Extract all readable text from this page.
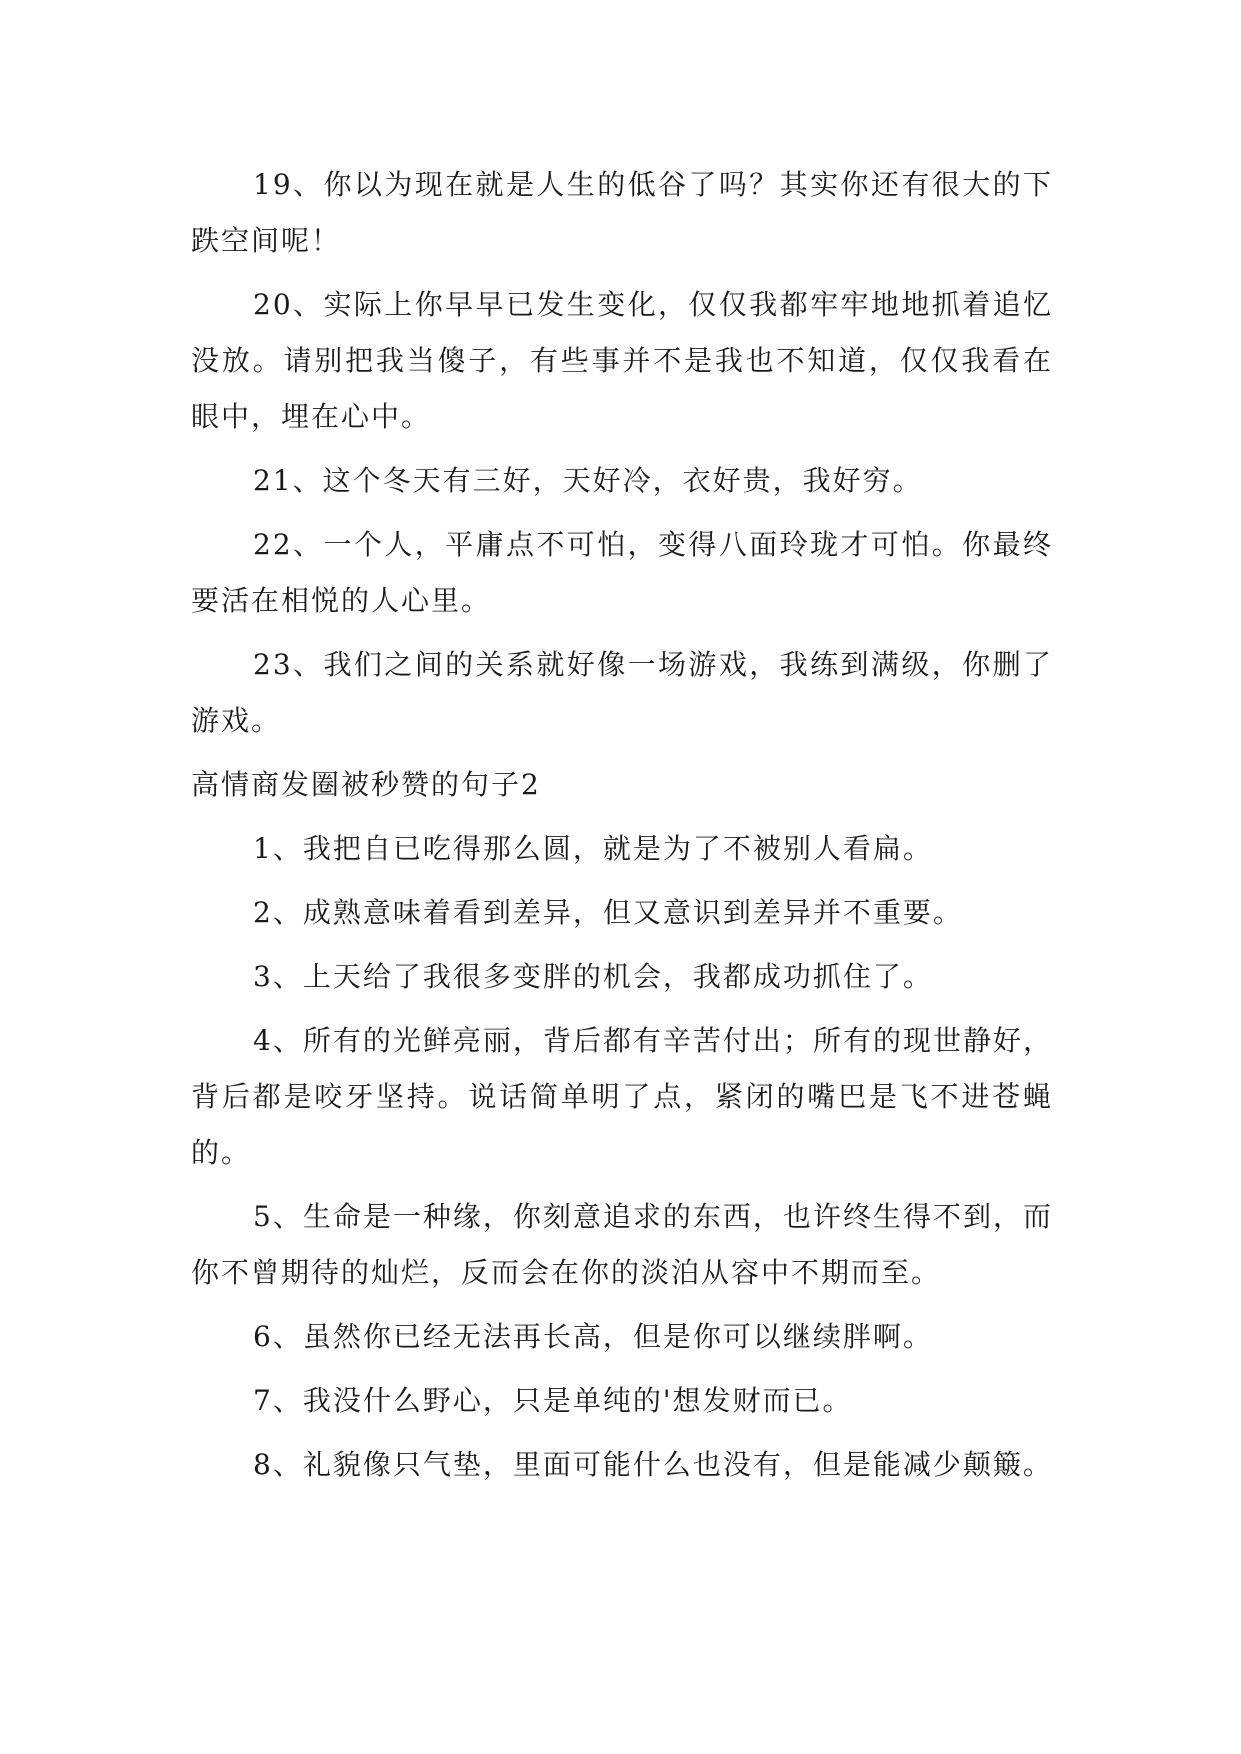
19、你以为现在就是人生的低谷了吗？其实你还有很大的下跌空间呢！

20、实际上你早早已发生变化，仅仅我都牢牢地地抓着追忆没放。请别把我当傻子，有些事并不是我也不知道，仅仅我看在眼中，埋在心中。

21、这个冬天有三好，天好冷，衣好贵，我好穷。

22、一个人，平庸点不可怕，变得八面玲珑才可怕。你最终要活在相悦的人心里。

23、我们之间的关系就好像一场游戏，我练到满级，你删了游戏。

高情商发圈被秒赞的句子2

1、我把自已吃得那么圆，就是为了不被别人看扁。

2、成熟意味着看到差异，但又意识到差异并不重要。

3、上天给了我很多变胖的机会，我都成功抓住了。

4、所有的光鲜亮丽，背后都有辛苦付出；所有的现世静好，背后都是咬牙坚持。说话简单明了点，紧闭的嘴巴是飞不进苍蝇的。

5、生命是一种缘，你刻意追求的东西，也许终生得不到，而你不曾期待的灿烂，反而会在你的淡泊从容中不期而至。

6、虽然你已经无法再长高，但是你可以继续胖啊。

7、我没什么野心，只是单纯的'想发财而已。

8、礼貌像只气垫，里面可能什么也没有，但是能减少颠簸。
